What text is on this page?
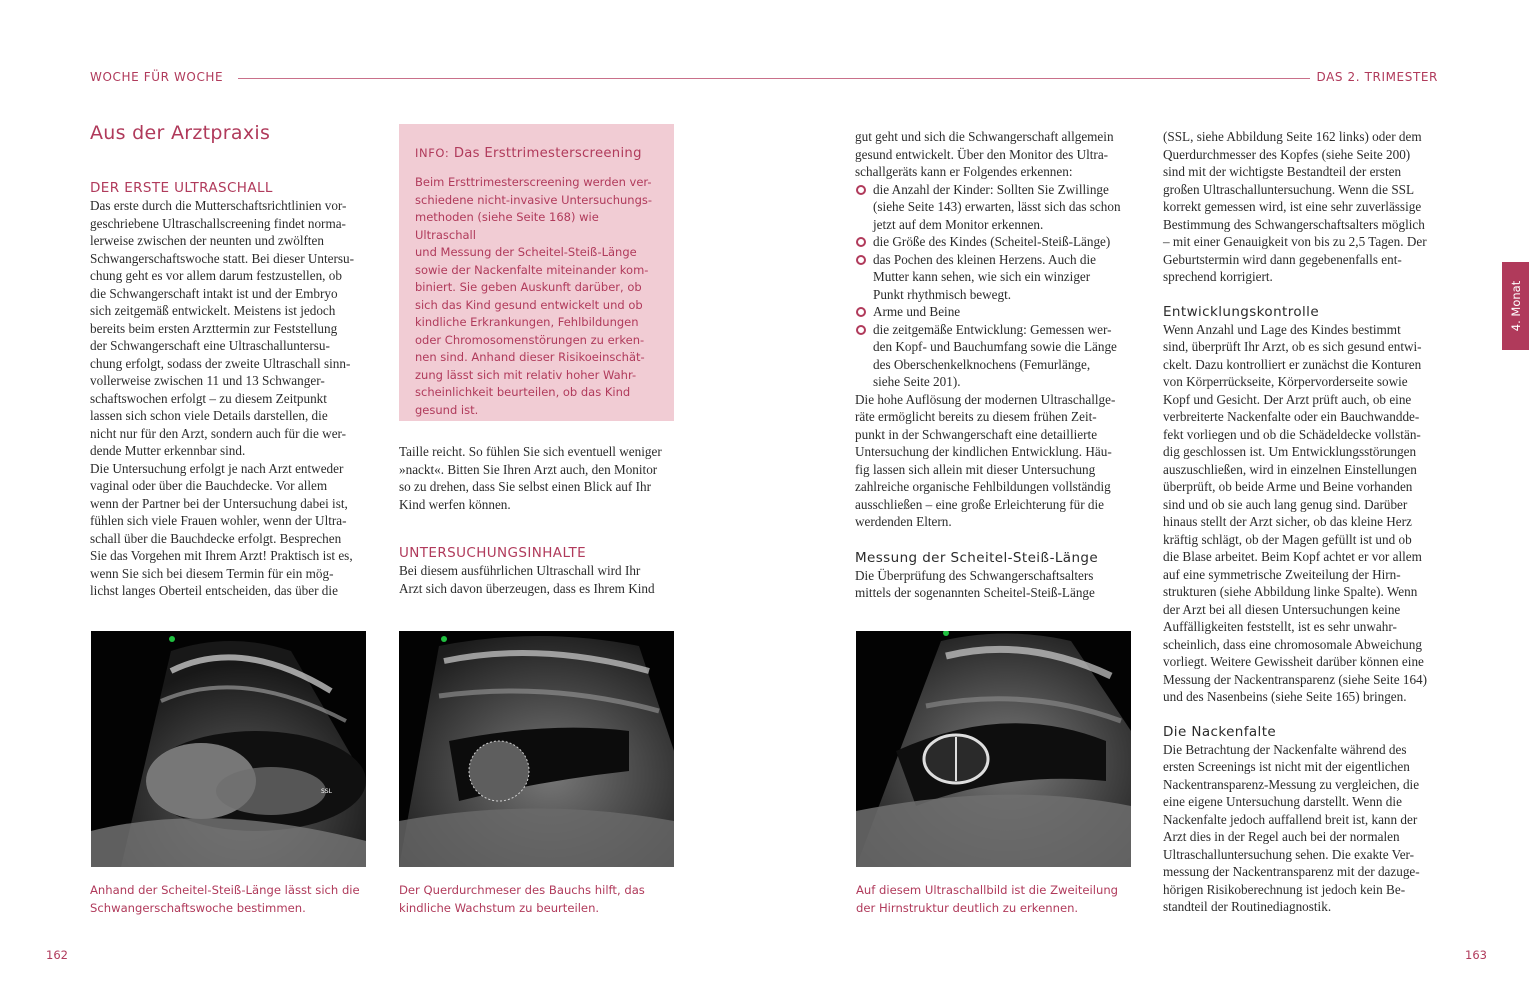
WOCHE FÜR WOCHE	DAS 2. TRIMESTER
4. Monat
Aus der Arztpraxis
DER ERSTE ULTRASCHALL

Das erste durch die Mutterschaftsrichtlinien vor-

geschriebene Ultraschallscreening findet norma-

lerweise zwischen der neunten und zwölften

Schwangerschaftswoche statt. Bei dieser Untersu-

chung geht es vor allem darum festzustellen, ob

die Schwangerschaft intakt ist und der Embryo

sich zeitgemäß entwickelt. Meistens ist jedoch

bereits beim ersten Arzttermin zur Feststellung

der Schwangerschaft eine Ultraschalluntersu-

chung erfolgt, sodass der zweite Ultraschall sinn-

vollerweise zwischen 11 und 13 Schwanger-

schaftswochen erfolgt – zu diesem Zeitpunkt

lassen sich schon viele Details darstellen, die

nicht nur für den Arzt, sondern auch für die wer-

dende Mutter erkennbar sind.

Die Untersuchung erfolgt je nach Arzt entweder

vaginal oder über die Bauchdecke. Vor allem

wenn der Partner bei der Untersuchung dabei ist,

fühlen sich viele Frauen wohler, wenn der Ultra-

schall über die Bauchdecke erfolgt. Besprechen

Sie das Vorgehen mit Ihrem Arzt! Praktisch ist es,

wenn Sie sich bei diesem Termin für ein mög-

lichst langes Oberteil entscheiden, das über die

INFO: Das Ersttrimesterscreening

Beim Ersttrimesterscreening werden ver-

schiedene nicht-invasive Untersuchungs-

methoden (siehe Seite 168) wie Ultraschall

und Messung der Scheitel-Steiß-Länge

sowie der Nackenfalte miteinander kom-

biniert. Sie geben Auskunft darüber, ob

sich das Kind gesund entwickelt und ob

kindliche Erkrankungen, Fehlbildungen

oder Chromosomenstörungen zu erken-

nen sind. Anhand dieser Risikoeinschät-

zung lässt sich mit relativ hoher Wahr-

scheinlichkeit beurteilen, ob das Kind

gesund ist.

Taille reicht. So fühlen Sie sich eventuell weniger

»nackt«. Bitten Sie Ihren Arzt auch, den Monitor

so zu drehen, dass Sie selbst einen Blick auf Ihr

Kind werfen können.

UNTERSUCHUNGSINHALTE

Bei diesem ausführlichen Ultraschall wird Ihr

Arzt sich davon überzeugen, dass es Ihrem Kind

gut geht und sich die Schwangerschaft allgemein

gesund entwickelt. Über den Monitor des Ultra-

schallgeräts kann er Folgendes erkennen:

die Anzahl der Kinder: Sollten Sie Zwillinge

(siehe Seite 143) erwarten, lässt sich das schon

jetzt auf dem Monitor erkennen.

die Größe des Kindes (Scheitel-Steiß-Länge)

das Pochen des kleinen Herzens. Auch die

Mutter kann sehen, wie sich ein winziger

Punkt rhythmisch bewegt.

Arme und Beine

die zeitgemäße Entwicklung: Gemessen wer-

den Kopf- und Bauchumfang sowie die Länge

des Oberschenkelknochens (Femurlänge,

siehe Seite 201).

Die hohe Auflösung der modernen Ultraschallge-

räte ermöglicht bereits zu diesem frühen Zeit-

punkt in der Schwangerschaft eine detaillierte

Untersuchung der kindlichen Entwicklung. Häu-

fig lassen sich allein mit dieser Untersuchung

zahlreiche organische Fehlbildungen vollständig

ausschließen – eine große Erleichterung für die

werdenden Eltern.

Messung der Scheitel-Steiß-Länge

Die Überprüfung des Schwangerschaftsalters

mittels der sogenannten Scheitel-Steiß-Länge

(SSL, siehe Abbildung Seite 162 links) oder dem

Querdurchmesser des Kopfes (siehe Seite 200)

sind mit der wichtigste Bestandteil der ersten

großen Ultraschalluntersuchung. Wenn die SSL

korrekt gemessen wird, ist eine sehr zuverlässige

Bestimmung des Schwangerschaftsalters möglich

– mit einer Genauigkeit von bis zu 2,5 Tagen. Der

Geburtstermin wird dann gegebenenfalls ent-

sprechend korrigiert.

Entwicklungskontrolle

Wenn Anzahl und Lage des Kindes bestimmt

sind, überprüft Ihr Arzt, ob es sich gesund entwi-

ckelt. Dazu kontrolliert er zunächst die Konturen

von Körperrückseite, Körpervorderseite sowie

Kopf und Gesicht. Der Arzt prüft auch, ob eine

verbreiterte Nackenfalte oder ein Bauchwandde-

fekt vorliegen und ob die Schädeldecke vollstän-

dig geschlossen ist. Um Entwicklungsstörungen

auszuschließen, wird in einzelnen Einstellungen

überprüft, ob beide Arme und Beine vorhanden

sind und ob sie auch lang genug sind. Darüber

hinaus stellt der Arzt sicher, ob das kleine Herz

kräftig schlägt, ob der Magen gefüllt ist und ob

die Blase arbeitet. Beim Kopf achtet er vor allem

auf eine symmetrische Zweiteilung der Hirn-

strukturen (siehe Abbildung linke Spalte). Wenn

der Arzt bei all diesen Untersuchungen keine

Auffälligkeiten feststellt, ist es sehr unwahr-

scheinlich, dass eine chromosomale Abweichung

vorliegt. Weitere Gewissheit darüber können eine

Messung der Nackentransparenz (siehe Seite 164)

und des Nasenbeins (siehe Seite 165) bringen.

Die Nackenfalte

Die Betrachtung der Nackenfalte während des

ersten Screenings ist nicht mit der eigentlichen

Nackentransparenz-Messung zu vergleichen, die

eine eigene Untersuchung darstellt. Wenn die

Nackenfalte jedoch auffallend breit ist, kann der

Arzt dies in der Regel auch bei der normalen

Ultraschalluntersuchung sehen. Die exakte Ver-

messung der Nackentransparenz mit der dazuge-

hörigen Risikoberechnung ist jedoch kein Be-

standteil der Routinediagnostik.

SSL

Anhand der Scheitel-Steiß-Länge lässt sich die

Schwangerschaftswoche bestimmen.

Der Querdurchmeser des Bauchs hilft, das

kindliche Wachstum zu beurteilen.

Auf diesem Ultraschallbild ist die Zweiteilung

der Hirnstruktur deutlich zu erkennen.

162	163
